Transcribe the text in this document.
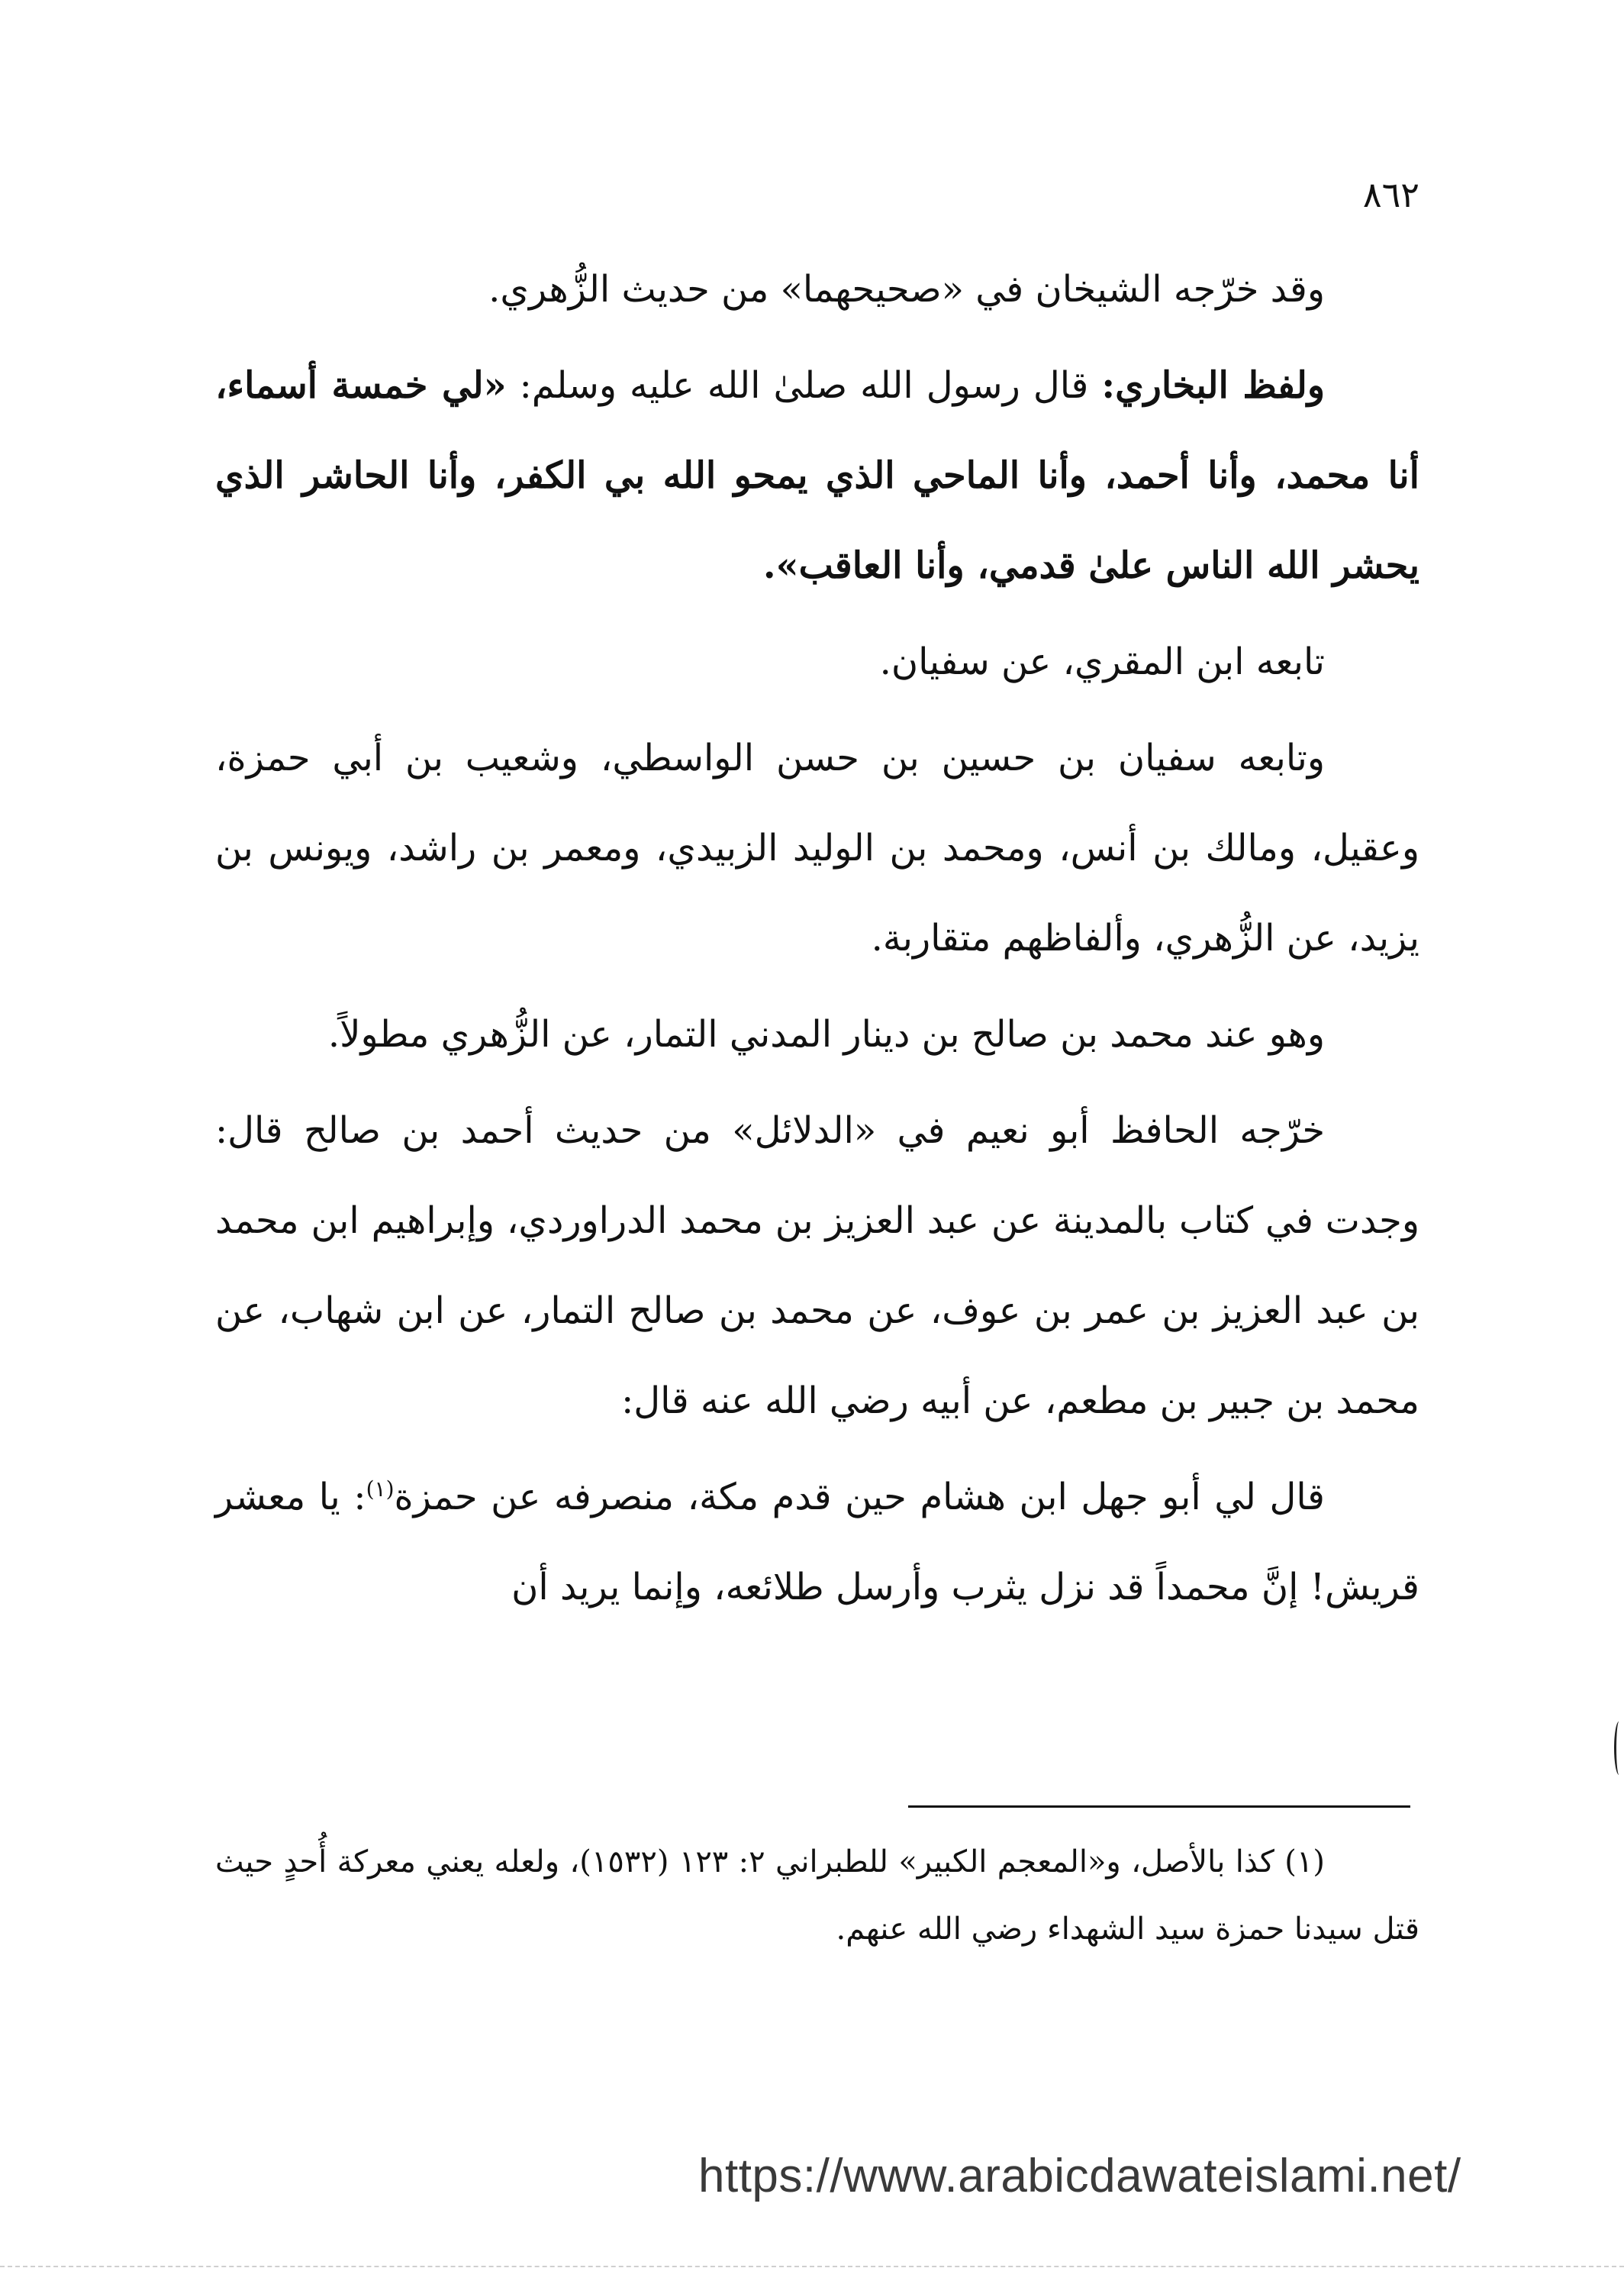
٨٦٢

وقد خرّجه الشيخان في «صحيحهما» من حديث الزُّهري.

ولفظ البخاري: قال رسول الله صلىٰ الله عليه وسلم: «لي خمسة أسماء، أنا محمد، وأنا أحمد، وأنا الماحي الذي يمحو الله بي الكفر، وأنا الحاشر الذي يحشر الله الناس علىٰ قدمي، وأنا العاقب».

تابعه ابن المقري، عن سفيان.

وتابعه سفيان بن حسين بن حسن الواسطي، وشعيب بن أبي حمزة، وعقيل، ومالك بن أنس، ومحمد بن الوليد الزبيدي، ومعمر بن راشد، ويونس بن يزيد، عن الزُّهري، وألفاظهم متقاربة.

وهو عند محمد بن صالح بن دينار المدني التمار، عن الزُّهري مطولاً.

خرّجه الحافظ أبو نعيم في «الدلائل» من حديث أحمد بن صالح قال: وجدت في كتاب بالمدينة عن عبد العزيز بن محمد الدراوردي، وإبراهيم ابن محمد بن عبد العزيز بن عمر بن عوف، عن محمد بن صالح التمار، عن ابن شهاب، عن محمد بن جبير بن مطعم، عن أبيه رضي الله عنه قال:

قال لي أبو جهل ابن هشام حين قدم مكة، منصرفه عن حمزة$^{(١)}$: يا معشر قريش! إنَّ محمداً قد نزل يثرب وأرسل طلائعه، وإنما يريد أن

(١) كذا بالأصل، و«المعجم الكبير» للطبراني ٢: ١٢٣ (١٥٣٢)، ولعله يعني معركة أُحدٍ حيث قتل سيدنا حمزة سيد الشهداء رضي الله عنهم.
https://www.arabicdawateislami.net/
